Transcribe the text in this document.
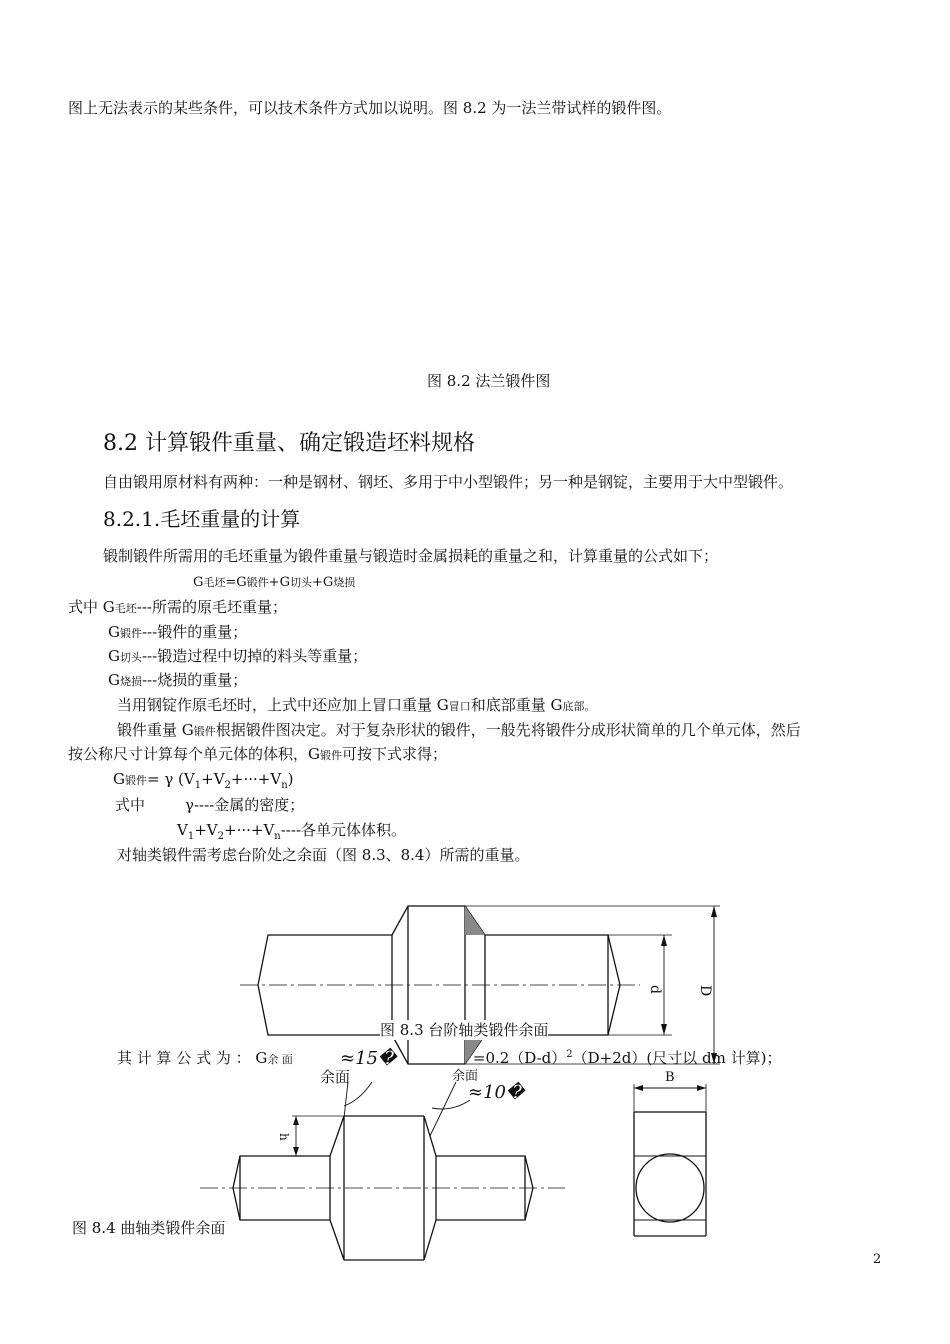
图上无法表示的某些条件，可以技术条件方式加以说明。图 8.2 为一法兰带试样的锻件图。
图 8.2 法兰锻件图
8.2 计算锻件重量、确定锻造坯料规格
自由锻用原材料有两种：一种是钢材、钢坯、多用于中小型锻件；另一种是钢锭，主要用于大中型锻件。
8.2.1.毛坯重量的计算
锻制锻件所需用的毛坯重量为锻件重量与锻造时金属损耗的重量之和，计算重量的公式如下；
G毛坯=G锻件+G切头+G烧损
式中 G毛坯---所需的原毛坯重量；
G锻件---锻件的重量；
G切头---锻造过程中切掉的料头等重量；
G烧损---烧损的重量；
当用钢锭作原毛坯时，上式中还应加上冒口重量 G冒口和底部重量 G底部。
锻件重量 G锻件根据锻件图决定。对于复杂形状的锻件，一般先将锻件分成形状简单的几个单元体，然后
按公称尺寸计算每个单元体的体积，G锻件可按下式求得；
G锻件= γ $(V_1+V_2+\cdot\cdot\cdot+V_n)$
式中	γ----金属的密度；
$V_1+V_2+\cdot\cdot\cdot+V_n----$各单元体体积。
对轴类锻件需考虑台阶处之余面（图 8.3、8.4）所需的重量。
d D
≈15�
≈10�
余面	余面
h
B
图 8.3 台阶轴类锻件余面
其 计 算 公 式 为 ： G余 面	$=0.2(D-d)^2(D+2d)$(尺寸以 dm 计算)；
图 8.4 曲轴类锻件余面
2
